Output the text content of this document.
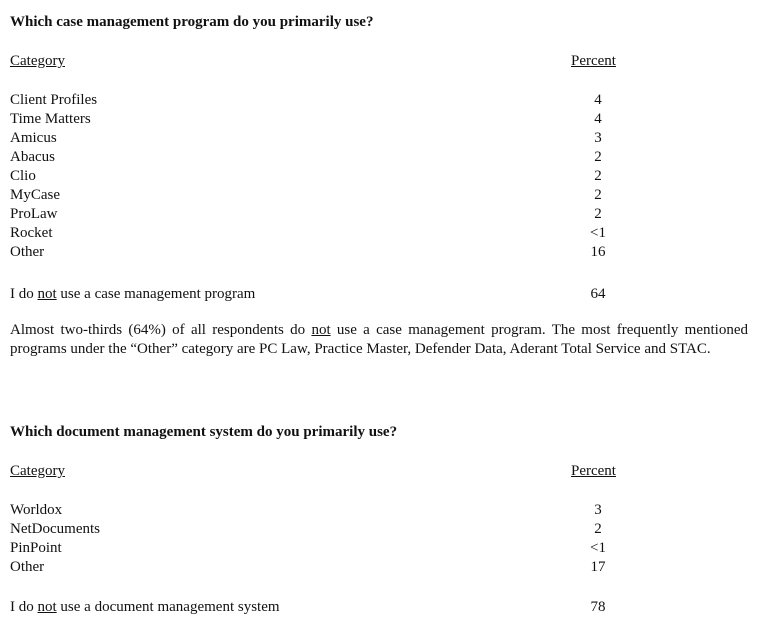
Which case management program do you primarily use?
Category	Percent
Client Profiles	4
Time Matters	4
Amicus	3
Abacus	2
Clio	2
MyCase	2
ProLaw	2
Rocket	<1
Other	16
I do not use a case management program	64
Almost two-thirds (64%) of all respondents do not use a case management program. The most frequently mentioned programs under the “Other” category are PC Law, Practice Master, Defender Data, Aderant Total Service and STAC.
Which document management system do you primarily use?
Category	Percent
Worldox	3
NetDocuments	2
PinPoint	<1
Other	17
I do not use a document management system	78
